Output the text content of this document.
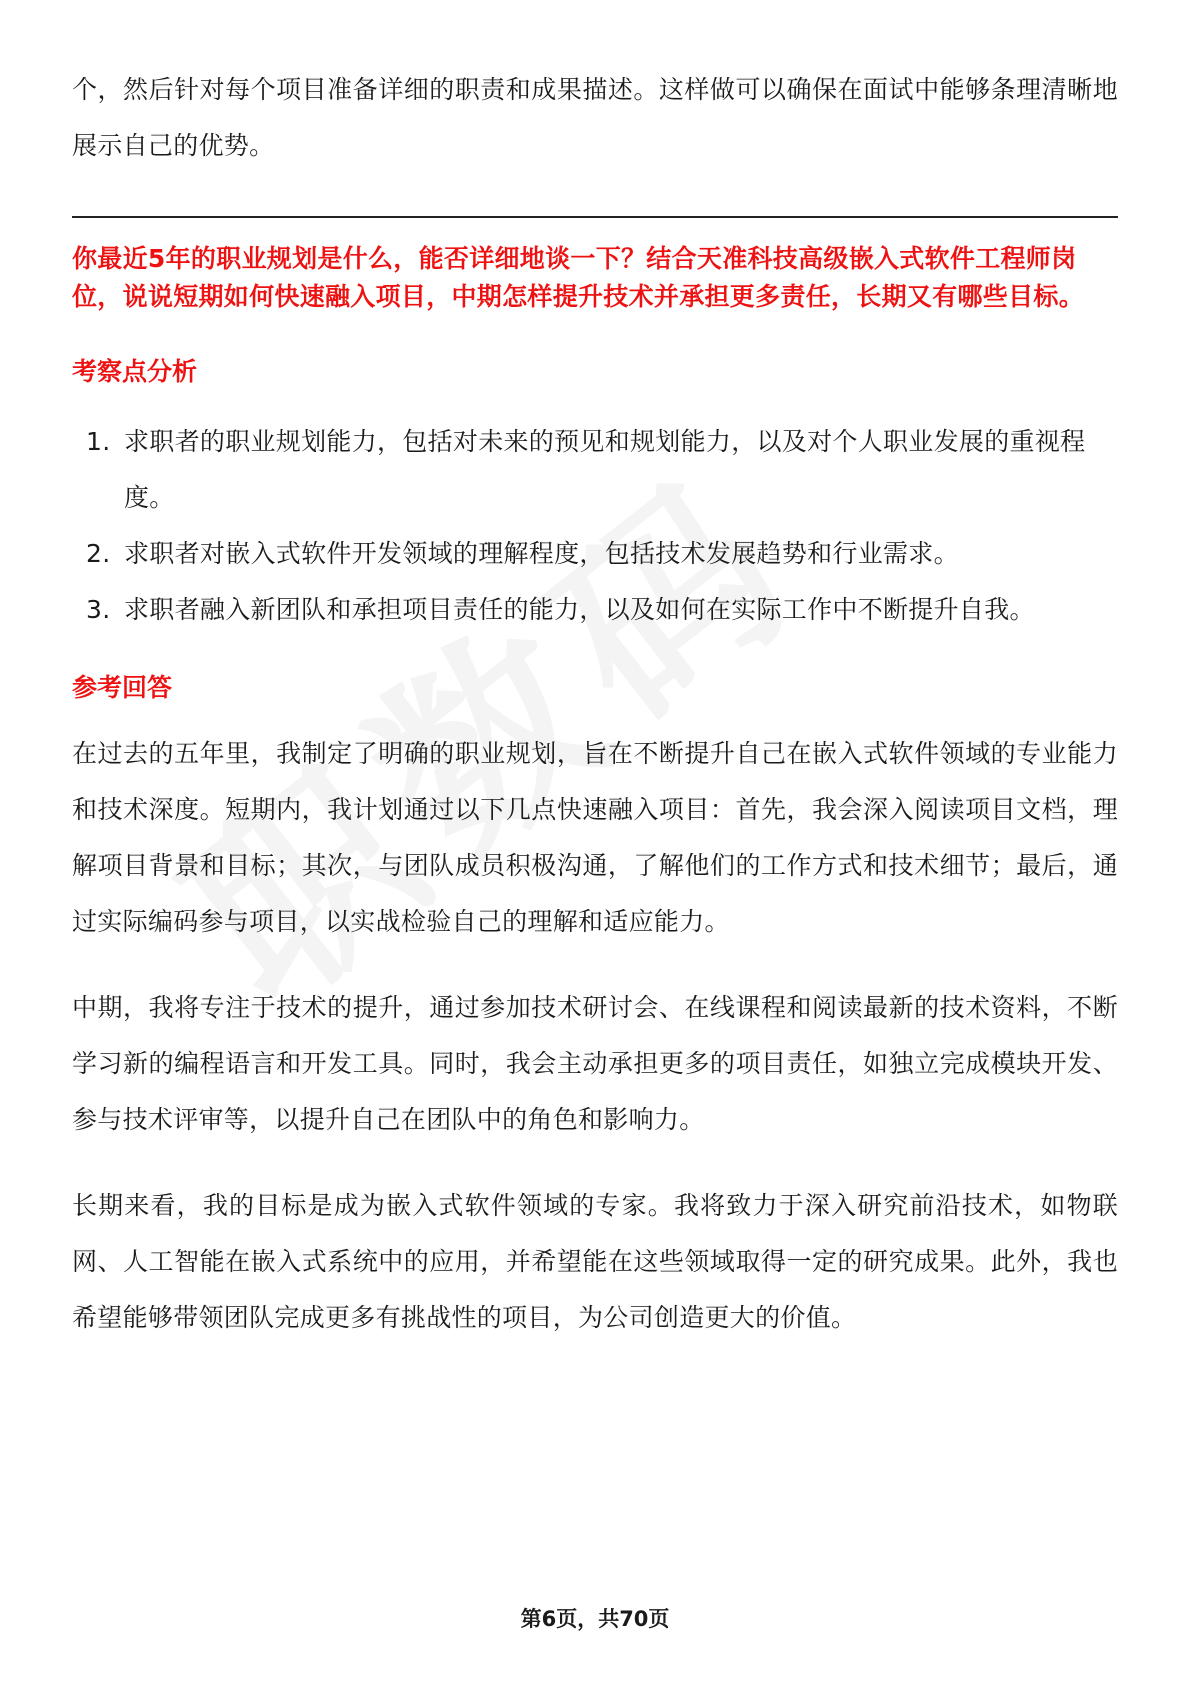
个，然后针对每个项目准备详细的职责和成果描述。这样做可以确保在面试中能够条理清晰地展示自己的优势。

你最近5年的职业规划是什么，能否详细地谈一下？结合天准科技高级嵌入式软件工程师岗位，说说短期如何快速融入项目，中期怎样提升技术并承担更多责任，长期又有哪些目标。

考察点分析
1. 求职者的职业规划能力，包括对未来的预见和规划能力，以及对个人职业发展的重视程度。
2. 求职者对嵌入式软件开发领域的理解程度，包括技术发展趋势和行业需求。
3. 求职者融入新团队和承担项目责任的能力，以及如何在实际工作中不断提升自我。
参考回答

在过去的五年里，我制定了明确的职业规划，旨在不断提升自己在嵌入式软件领域的专业能力和技术深度。短期内，我计划通过以下几点快速融入项目：首先，我会深入阅读项目文档，理解项目背景和目标；其次，与团队成员积极沟通，了解他们的工作方式和技术细节；最后，通过实际编码参与项目，以实战检验自己的理解和适应能力。

中期，我将专注于技术的提升，通过参加技术研讨会、在线课程和阅读最新的技术资料，不断学习新的编程语言和开发工具。同时，我会主动承担更多的项目责任，如独立完成模块开发、参与技术评审等，以提升自己在团队中的角色和影响力。

长期来看，我的目标是成为嵌入式软件领域的专家。我将致力于深入研究前沿技术，如物联网、人工智能在嵌入式系统中的应用，并希望能在这些领域取得一定的研究成果。此外，我也希望能够带领团队完成更多有挑战性的项目，为公司创造更大的价值。

第6页，共70页
